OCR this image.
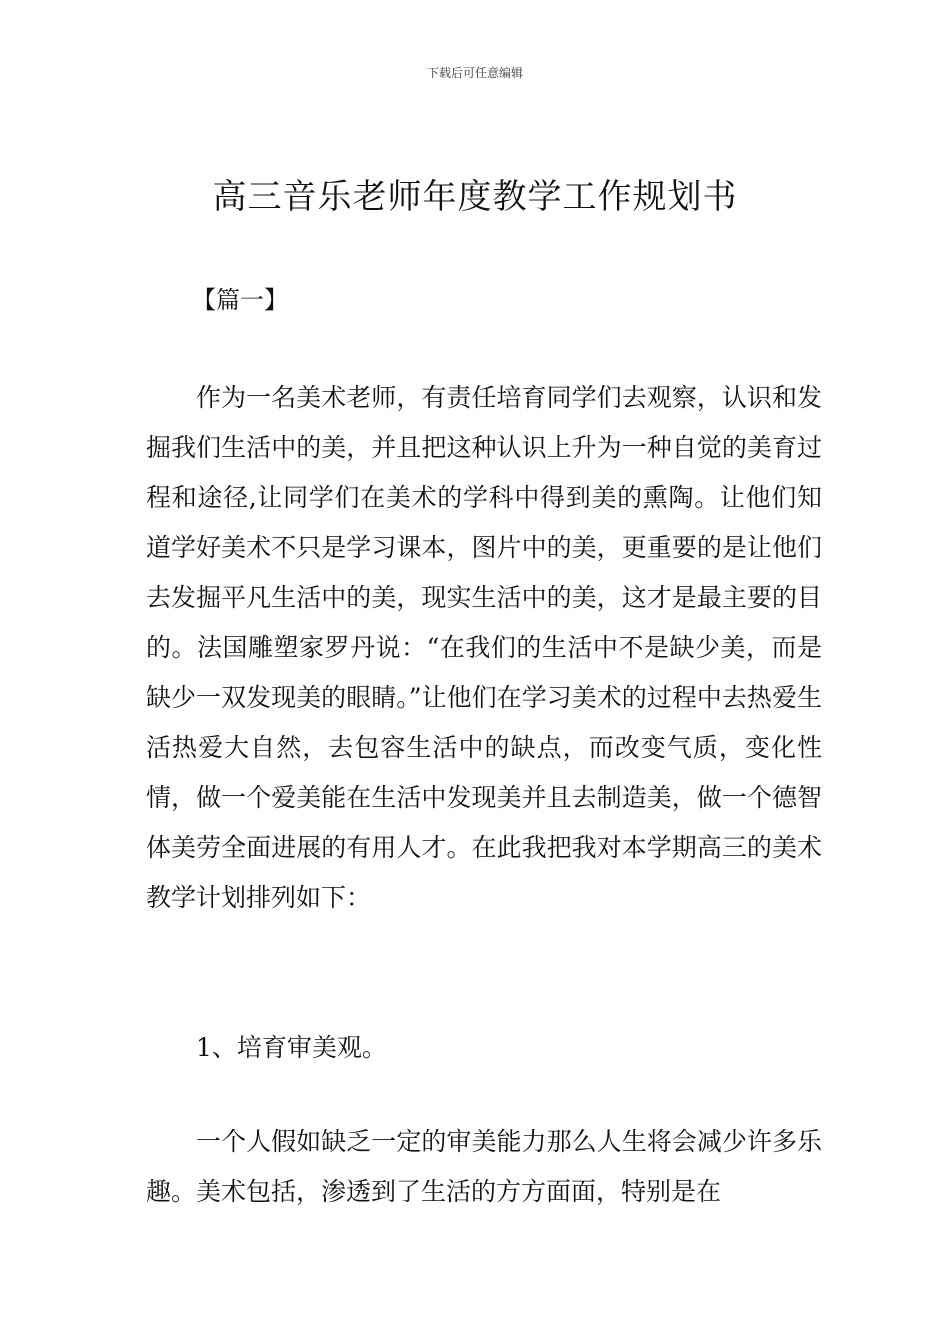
下载后可任意编辑
高三音乐老师年度教学工作规划书
【篇一】

作为一名美术老师，有责任培育同学们去观察，认识和发掘我们生活中的美，并且把这种认识上升为一种自觉的美育过程和途径,让同学们在美术的学科中得到美的熏陶。让他们知道学好美术不只是学习课本，图片中的美，更重要的是让他们去发掘平凡生活中的美，现实生活中的美，这才是最主要的目的。法国雕塑家罗丹说：“在我们的生活中不是缺少美，而是缺少一双发现美的眼睛。”让他们在学习美术的过程中去热爱生活热爱大自然，去包容生活中的缺点，而改变气质，变化性情，做一个爱美能在生活中发现美并且去制造美，做一个德智体美劳全面进展的有用人才。在此我把我对本学期高三的美术教学计划排列如下：

1、培育审美观。

一个人假如缺乏一定的审美能力那么人生将会减少许多乐趣。美术包括，渗透到了生活的方方面面，特别是在
